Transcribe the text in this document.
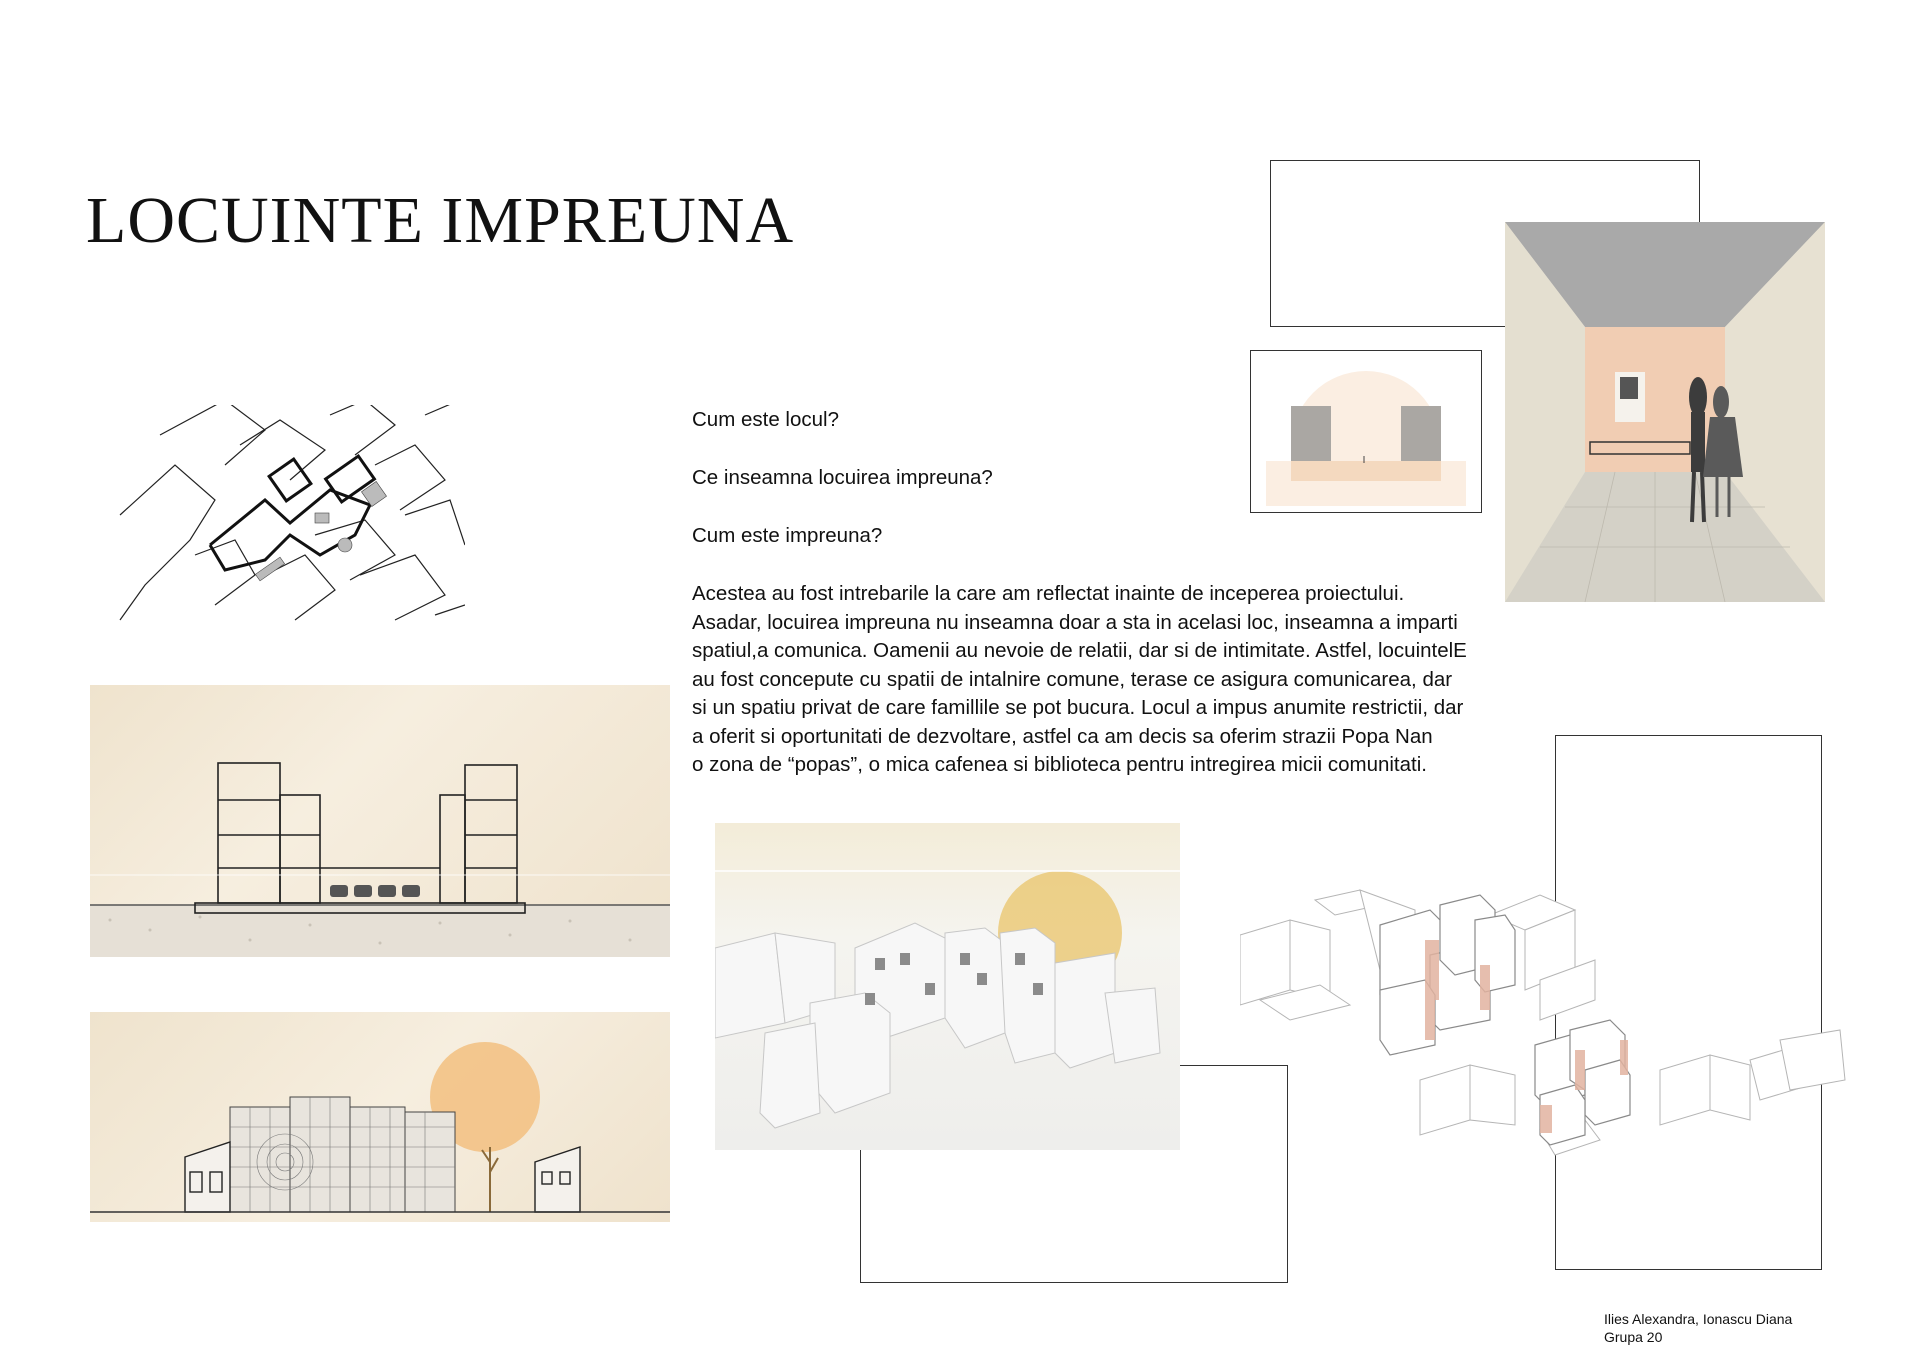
LOCUINTE IMPREUNA
Cum este locul?
Ce inseamna locuirea impreuna?
Cum este impreuna?
Acestea au fost intrebarile la care am reflectat inainte de inceperea proiectului.
Asadar, locuirea impreuna nu inseamna doar a sta in acelasi loc, inseamna a imparti
spatiul,a comunica. Oamenii au nevoie de relatii, dar si de intimitate. Astfel, locuintelE
au fost concepute cu spatii de intalnire comune, terase ce asigura comunicarea, dar
si un spatiu privat de care famillile se pot bucura. Locul a impus anumite restrictii, dar
a oferit si oportunitati de dezvoltare, astfel ca am decis sa oferim strazii Popa Nan
o zona de “popas”, o mica cafenea si biblioteca pentru intregirea micii comunitati.
Ilies Alexandra, Ionascu Diana
Grupa 20
